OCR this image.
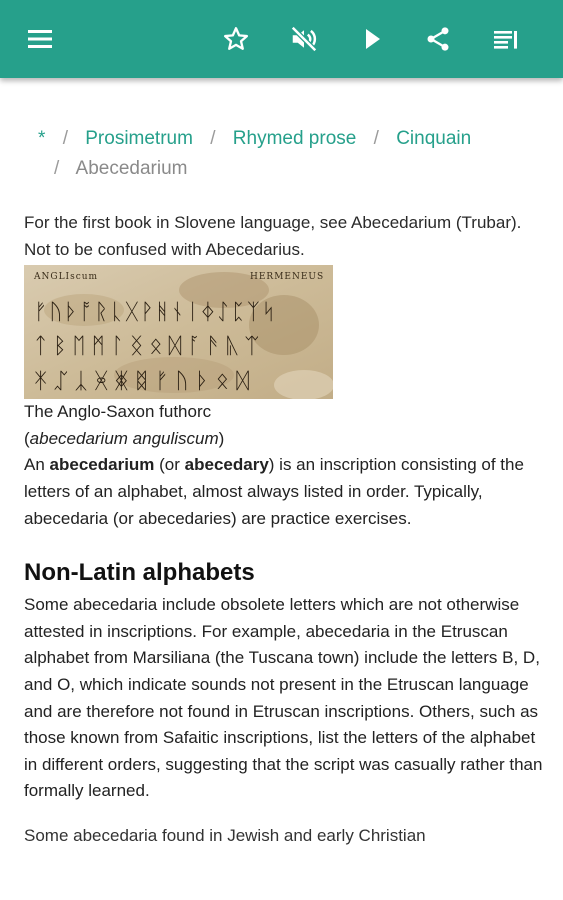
* / Prosimetrum / Rhymed prose / Cinquain
/ Abecedarium

For the first book in Slovene language, see Abecedarium (Trubar).

Not to be confused with Abecedarius.

ANGLIscum	HERMENEUS
ᚠᚢᚦᚩᚱᚳᚷᚹᚻᚾᛁᛄᛇᛈᛉᛋ
ᛏᛒᛖᛗᛚᛝᛟᛞᚪᚫᚣᛠ
ᛡᛢᛣᚸᛤᛥᚠᚢᚦᛟᛞ

The Anglo-Saxon futhorc
(abecedarium anguliscum)

An abecedarium (or abecedary) is an inscription consisting of the letters of an alphabet, almost always listed in order. Typically, abecedaria (or abecedaries) are practice exercises.

Non-Latin alphabets

Some abecedaria include obsolete letters which are not otherwise attested in inscriptions. For example, abecedaria in the Etruscan alphabet from Marsiliana (the Tuscana town) include the letters B, D, and O, which indicate sounds not present in the Etruscan language and are therefore not found in Etruscan inscriptions. Others, such as those known from Safaitic inscriptions, list the letters of the alphabet in different orders, suggesting that the script was casually rather than formally learned.

Some abecedaria found in Jewish and early Christian
